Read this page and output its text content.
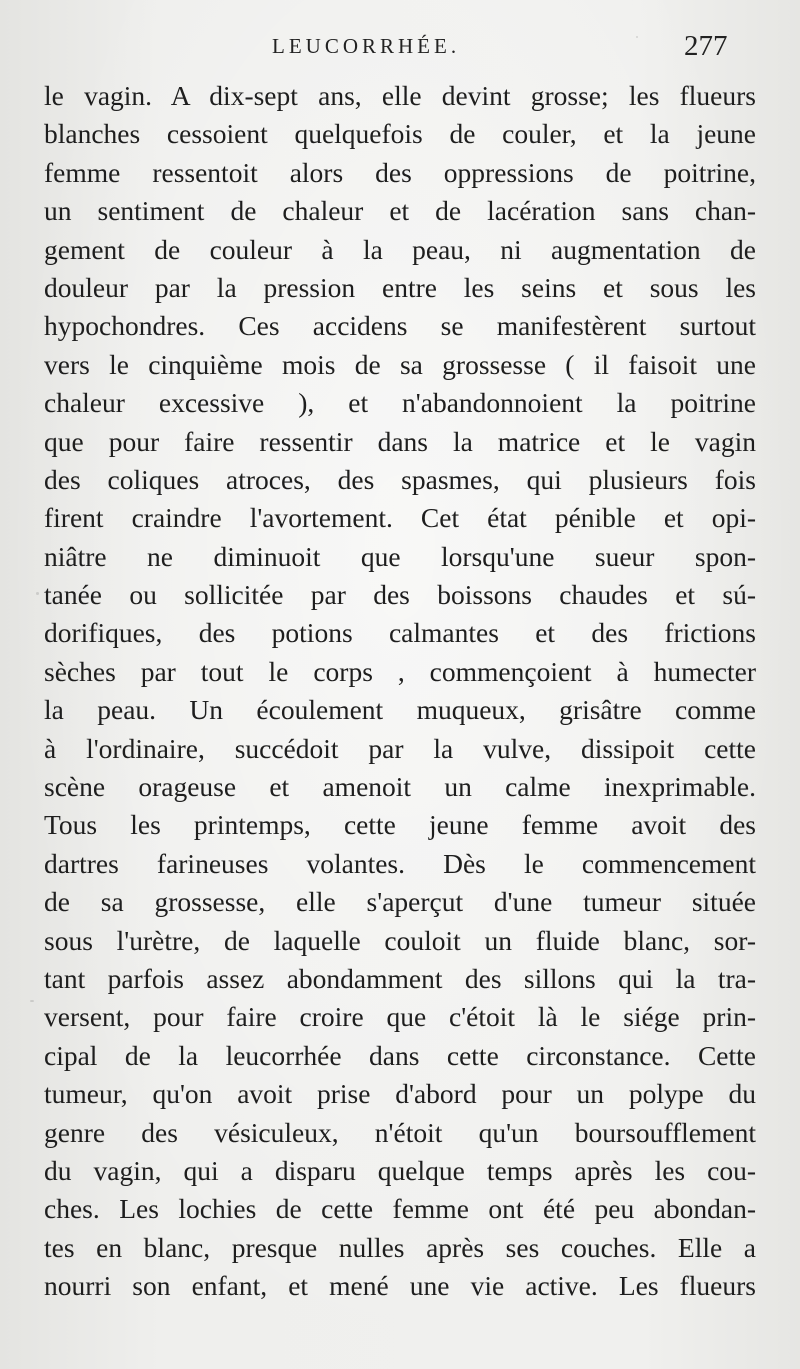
LEUCORRHÉE.	277
le vagin. A dix-sept ans, elle devint grosse; les flueurs
blanches cessoient quelquefois de couler, et la jeune
femme ressentoit alors des oppressions de poitrine,
un sentiment de chaleur et de lacération sans chan-
gement de couleur à la peau, ni augmentation de
douleur par la pression entre les seins et sous les
hypochondres. Ces accidens se manifestèrent surtout
vers le cinquième mois de sa grossesse ( il faisoit une
chaleur excessive ), et n'abandonnoient la poitrine
que pour faire ressentir dans la matrice et le vagin
des coliques atroces, des spasmes, qui plusieurs fois
firent craindre l'avortement. Cet état pénible et opi-
niâtre ne diminuoit que lorsqu'une sueur spon-
tanée ou sollicitée par des boissons chaudes et sú-
dorifiques, des potions calmantes et des frictions
sèches par tout le corps , commençoient à humecter
la peau. Un écoulement muqueux, grisâtre comme
à l'ordinaire, succédoit par la vulve, dissipoit cette
scène orageuse et amenoit un calme inexprimable.
Tous les printemps, cette jeune femme avoit des
dartres farineuses volantes. Dès le commencement
de sa grossesse, elle s'aperçut d'une tumeur située
sous l'urètre, de laquelle couloit un fluide blanc, sor-
tant parfois assez abondamment des sillons qui la tra-
versent, pour faire croire que c'étoit là le siége prin-
cipal de la leucorrhée dans cette circonstance. Cette
tumeur, qu'on avoit prise d'abord pour un polype du
genre des vésiculeux, n'étoit qu'un boursoufflement
du vagin, qui a disparu quelque temps après les cou-
ches. Les lochies de cette femme ont été peu abondan-
tes en blanc, presque nulles après ses couches. Elle a
nourri son enfant, et mené une vie active. Les flueurs
